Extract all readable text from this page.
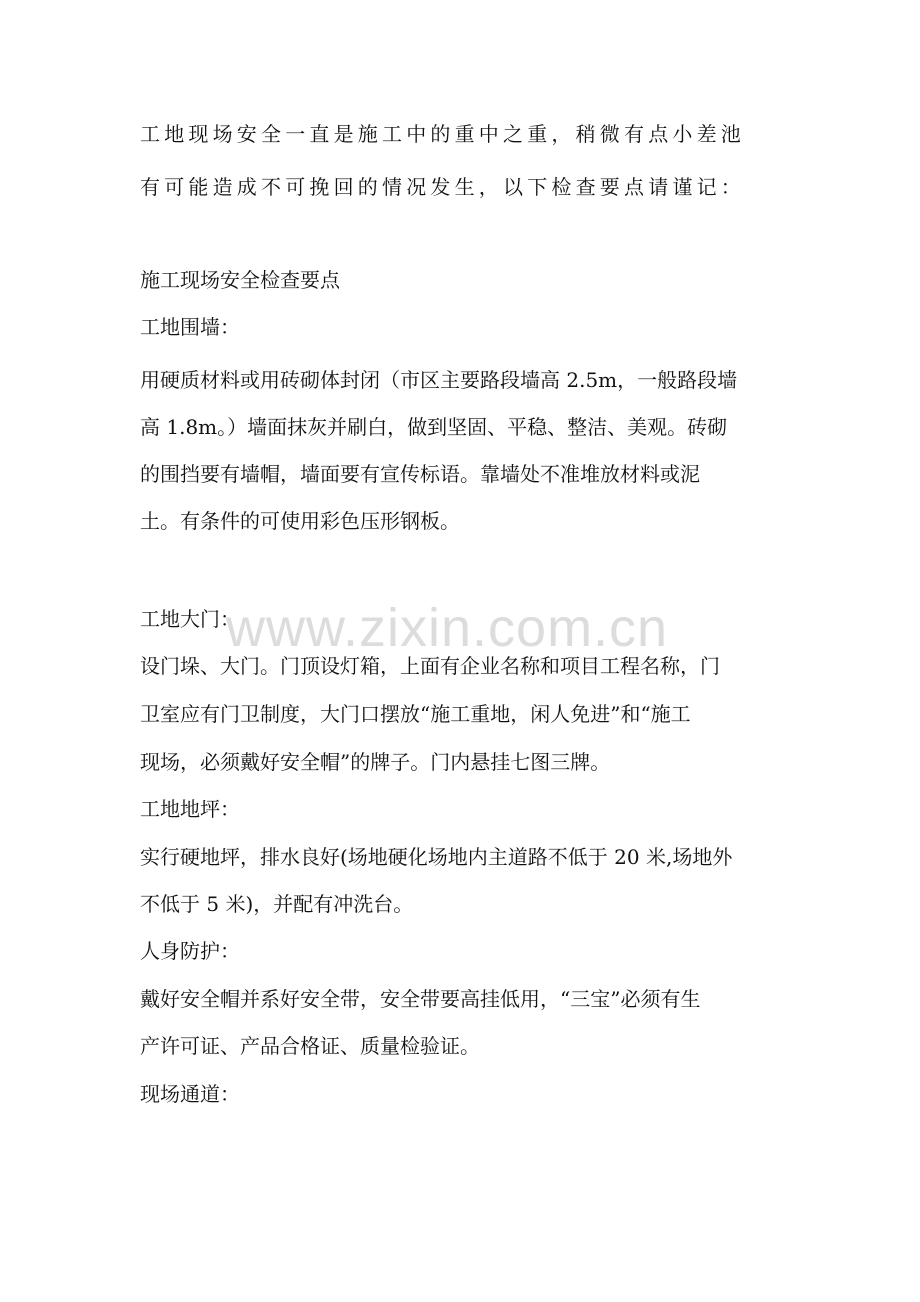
工地现场安全一直是施工中的重中之重，稍微有点小差池
有可能造成不可挽回的情况发生，以下检查要点请谨记：
施工现场安全检查要点
工地围墙：
用硬质材料或用砖砌体封闭（市区主要路段墙高 2.5m，一般路段墙
高 1.8m。）墙面抹灰并刷白，做到坚固、平稳、整洁、美观。砖砌
的围挡要有墙帽，墙面要有宣传标语。靠墙处不准堆放材料或泥
土。有条件的可使用彩色压形钢板。
工地大门：
设门垛、大门。门顶设灯箱，上面有企业名称和项目工程名称，门
卫室应有门卫制度，大门口摆放“施工重地，闲人免进”和“施工
现场，必须戴好安全帽”的牌子。门内悬挂七图三牌。
工地地坪：
实行硬地坪，排水良好(场地硬化场地内主道路不低于 20 米,场地外
不低于 5 米)，并配有冲洗台。
人身防护：
戴好安全帽并系好安全带，安全带要高挂低用，“三宝”必须有生
产许可证、产品合格证、质量检验证。
现场通道：
www.zixin.com.cn
